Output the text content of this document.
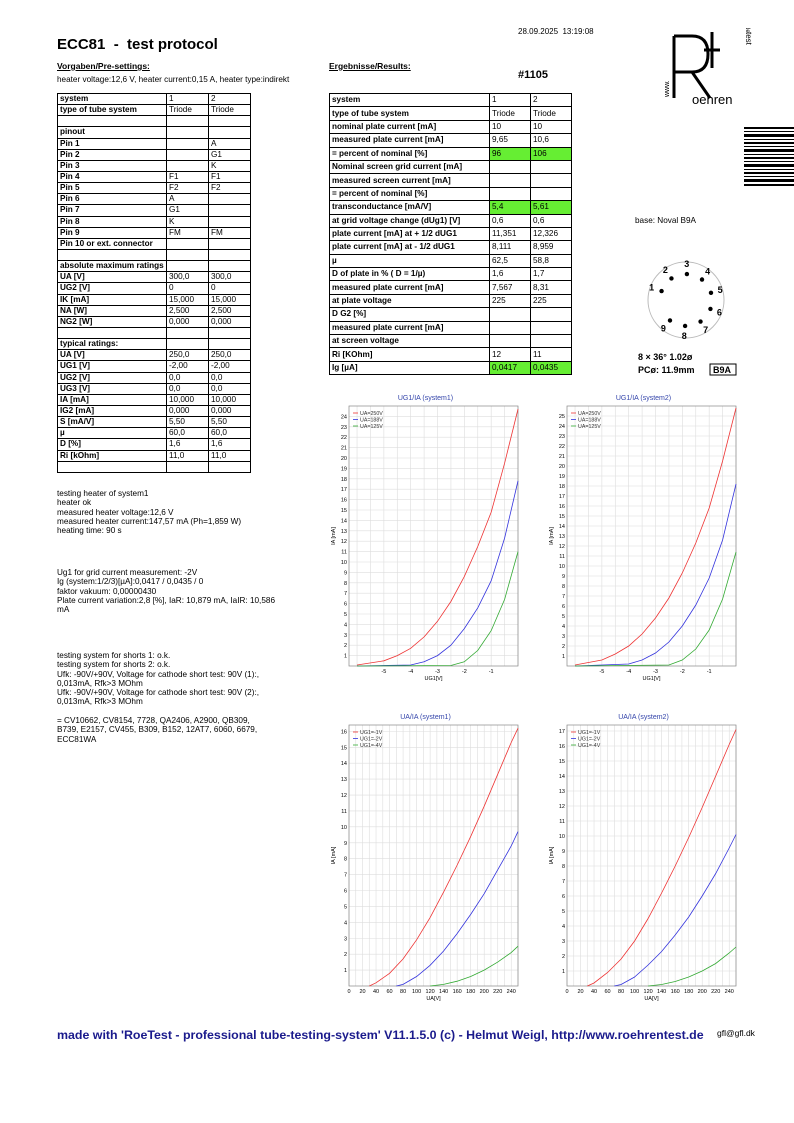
28.09.2025  13:19:08
ECC81  -  test protocol
Vorgaben/Pre-settings:
heater voltage:12,6 V, heater current:0,15 A, heater type:indirekt
Ergebnisse/Results:
#1105
www.
test
de
oehren
system	1	2
type of tube system	Triode	Triode

pinout		
Pin 1		A
Pin 2		G1
Pin 3		K
Pin 4	F1	F1
Pin 5	F2	F2
Pin 6	A	
Pin 7	G1	
Pin 8	K	
Pin 9	FM	FM
Pin 10 or ext. connector		

absolute maximum ratings		
UA [V]	300,0	300,0
UG2 [V]	0	0
IK [mA]	15,000	15,000
NA [W]	2,500	2,500
NG2 [W]	0,000	0,000

typical ratings:		
UA [V]	250,0	250,0
UG1 [V]	-2,00	-2,00
UG2 [V]	0,0	0,0
UG3 [V]	0,0	0,0
IA [mA]	10,000	10,000
IG2 [mA]	0,000	0,000
S [mA/V]	5,50	5,50
µ	60,0	60,0
D [%]	1,6	1,6
Ri [kOhm]	11,0	11,0

system	1	2
type of tube system	Triode	Triode
nominal plate current [mA]	10	10
measured plate current [mA]	9,65	10,6
= percent of nominal [%]	96	106
Nominal screen grid current [mA]		
measured screen current [mA]		
= percent of nominal [%]		
transconductance [mA/V]	5,4	5,61
at grid voltage change (dUg1) [V]	0,6	0,6
plate current [mA] at + 1/2 dUG1	11,351	12,326
plate current [mA] at - 1/2 dUG1	8,111	8,959
µ	62,5	58,8
D of plate in % ( D = 1/µ)	1,6	1,7
measured plate current [mA]	7,567	8,31
at plate voltage	225	225
D G2 [%]		
measured plate current [mA]		
at screen voltage		
Ri [KOhm]	12	11
Ig [µA]	0,0417	0,0435
base: Noval B9A
1
2
3
4
5
6
7
8
9
8 × 36° 1.02ø
PCø: 11.9mm B9A
testing heater of system1
heater ok
measured heater voltage:12,6 V
measured heater current:147,57 mA (Ph=1,859 W)
heating time: 90 s
Ug1 for grid current measurement: -2V
Ig (system:1/2/3)[µA]:0,0417 / 0,0435 / 0
faktor vakuum: 0,00000430
Plate current variation:2,8 [%], IaR: 10,879 mA, IaIR: 10,586
mA
testing system for shorts 1: o.k.
testing system for shorts 2: o.k.
Ufk: -90V/+90V, Voltage for cathode short test: 90V (1):,
0,013mA, Rfk>3 MOhm
Ufk: -90V/+90V, Voltage for cathode short test: 90V (2):,
0,013mA, Rfk>3 MOhm
= CV10662, CV8154, 7728, QA2406, A2900, QB309,
B739, E2157, CV455, B309, B152, 12AT7, 6060, 6679,
ECC81WA
UG1/IA (system1)
1
2
3
4
5
6
7
8
9
10
11
12
13
14
15
16
17
18
19
20
21
22
23
24
-5	-4	-3	-2	-1
UG1[V]
IA [mA]
UA=250V
UA=188V
UA=125V
UG1/IA (system2)
1
2
3
4
5
6
7
8
9
10
11
12
13
14
15
16
17
18
19
20
21
22
23
24
25
-5	-4	-3	-2	-1
UG1[V]
IA [mA]
UA=250V
UA=188V
UA=125V
UA/IA (system1)
1
2
3
4
5
6
7
8
9
10
11
12
13
14
15
16
0 20 40 60 80 100 120 140 160 180 200 220 240
UA[V]
IA [mA]
UG1=-1V
UG1=-2V
UG1=-4V
UA/IA (system2)
1
2
3
4
5
6
7
8
9
10
11
12
13
14
15
16
17
0 20 40 60 80 100 120 140 160 180 200 220 240
UA[V]
IA [mA]
UG1=-1V
UG1=-2V
UG1=-4V
made with 'RoeTest - professional tube-testing-system' V11.1.5.0 (c) - Helmut Weigl, http://www.roehrentest.de gfl@gfl.dk
